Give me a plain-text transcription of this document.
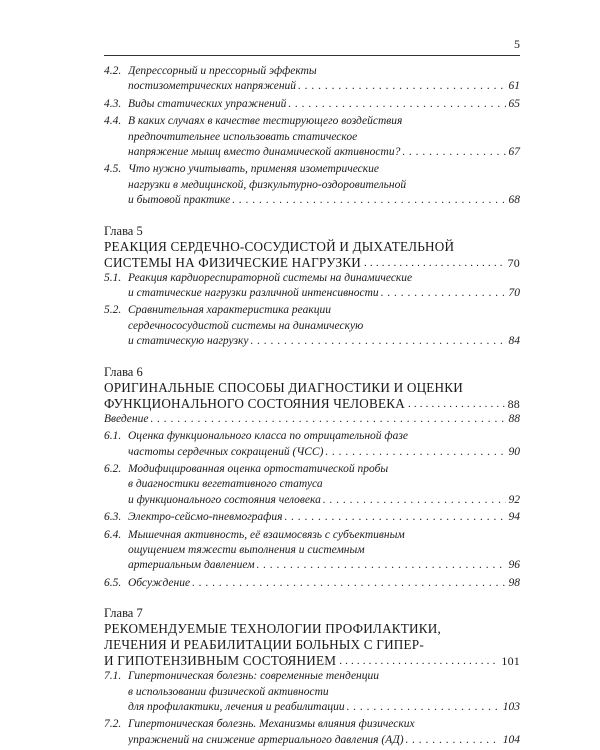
5
4.2. Депрессорный и прессорный эффекты
постизометрических напряжений . . .	61
4.3. Виды статических упражнений . . .	65
4.4. В каких случаях в качестве тестирующего воздействия
предпочтительнее использовать статическое
напряжение мышц вместо динамической активности? . . .	67
4.5. Что нужно учитывать, применяя изометрические
нагрузки в медицинской, физкультурно-оздоровительной
и бытовой практике . . .	68
Глава 5
РЕАКЦИЯ СЕРДЕЧНО-СОСУДИСТОЙ И ДЫХАТЕЛЬНОЙ
СИСТЕМЫ НА ФИЗИЧЕСКИЕ НАГРУЗКИ . . .	70
5.1. Реакция кардиореспираторной системы на динамические
и статические нагрузки различной интенсивности . . .	70
5.2. Сравнительная характеристика реакции
сердечнососудистой системы на динамическую
и статическую нагрузку . . .	84
Глава 6
ОРИГИНАЛЬНЫЕ СПОСОБЫ ДИАГНОСТИКИ И ОЦЕНКИ
ФУНКЦИОНАЛЬНОГО СОСТОЯНИЯ ЧЕЛОВЕКА . . .	88
Введение . . .	88
6.1. Оценка функционального класса по отрицательной фазе
частоты сердечных сокращений (ЧСС) . . .	90
6.2. Модифицированная оценка ортостатической пробы
в диагностики вегетативного статуса
и функционального состояния человека . . .	92
6.3. Электро-сейсмо-пневмография . . .	94
6.4. Мышечная активность, её взаимосвязь с субъективным
ощущением тяжести выполнения и системным
артериальным давлением . . .	96
6.5. Обсуждение . . .	98
Глава 7
РЕКОМЕНДУЕМЫЕ ТЕХНОЛОГИИ ПРОФИЛАКТИКИ,
ЛЕЧЕНИЯ И РЕАБИЛИТАЦИИ БОЛЬНЫХ С ГИПЕР-
И ГИПОТЕНЗИВНЫМ СОСТОЯНИЕМ . . .	101
7.1. Гипертоническая болезнь: современные тенденции
в использовании физической активности
для профилактики, лечения и реабилитации . . .	103
7.2. Гипертоническая болезнь. Механизмы влияния физических
упражнений на снижение артериального давления (АД) . . .	104
